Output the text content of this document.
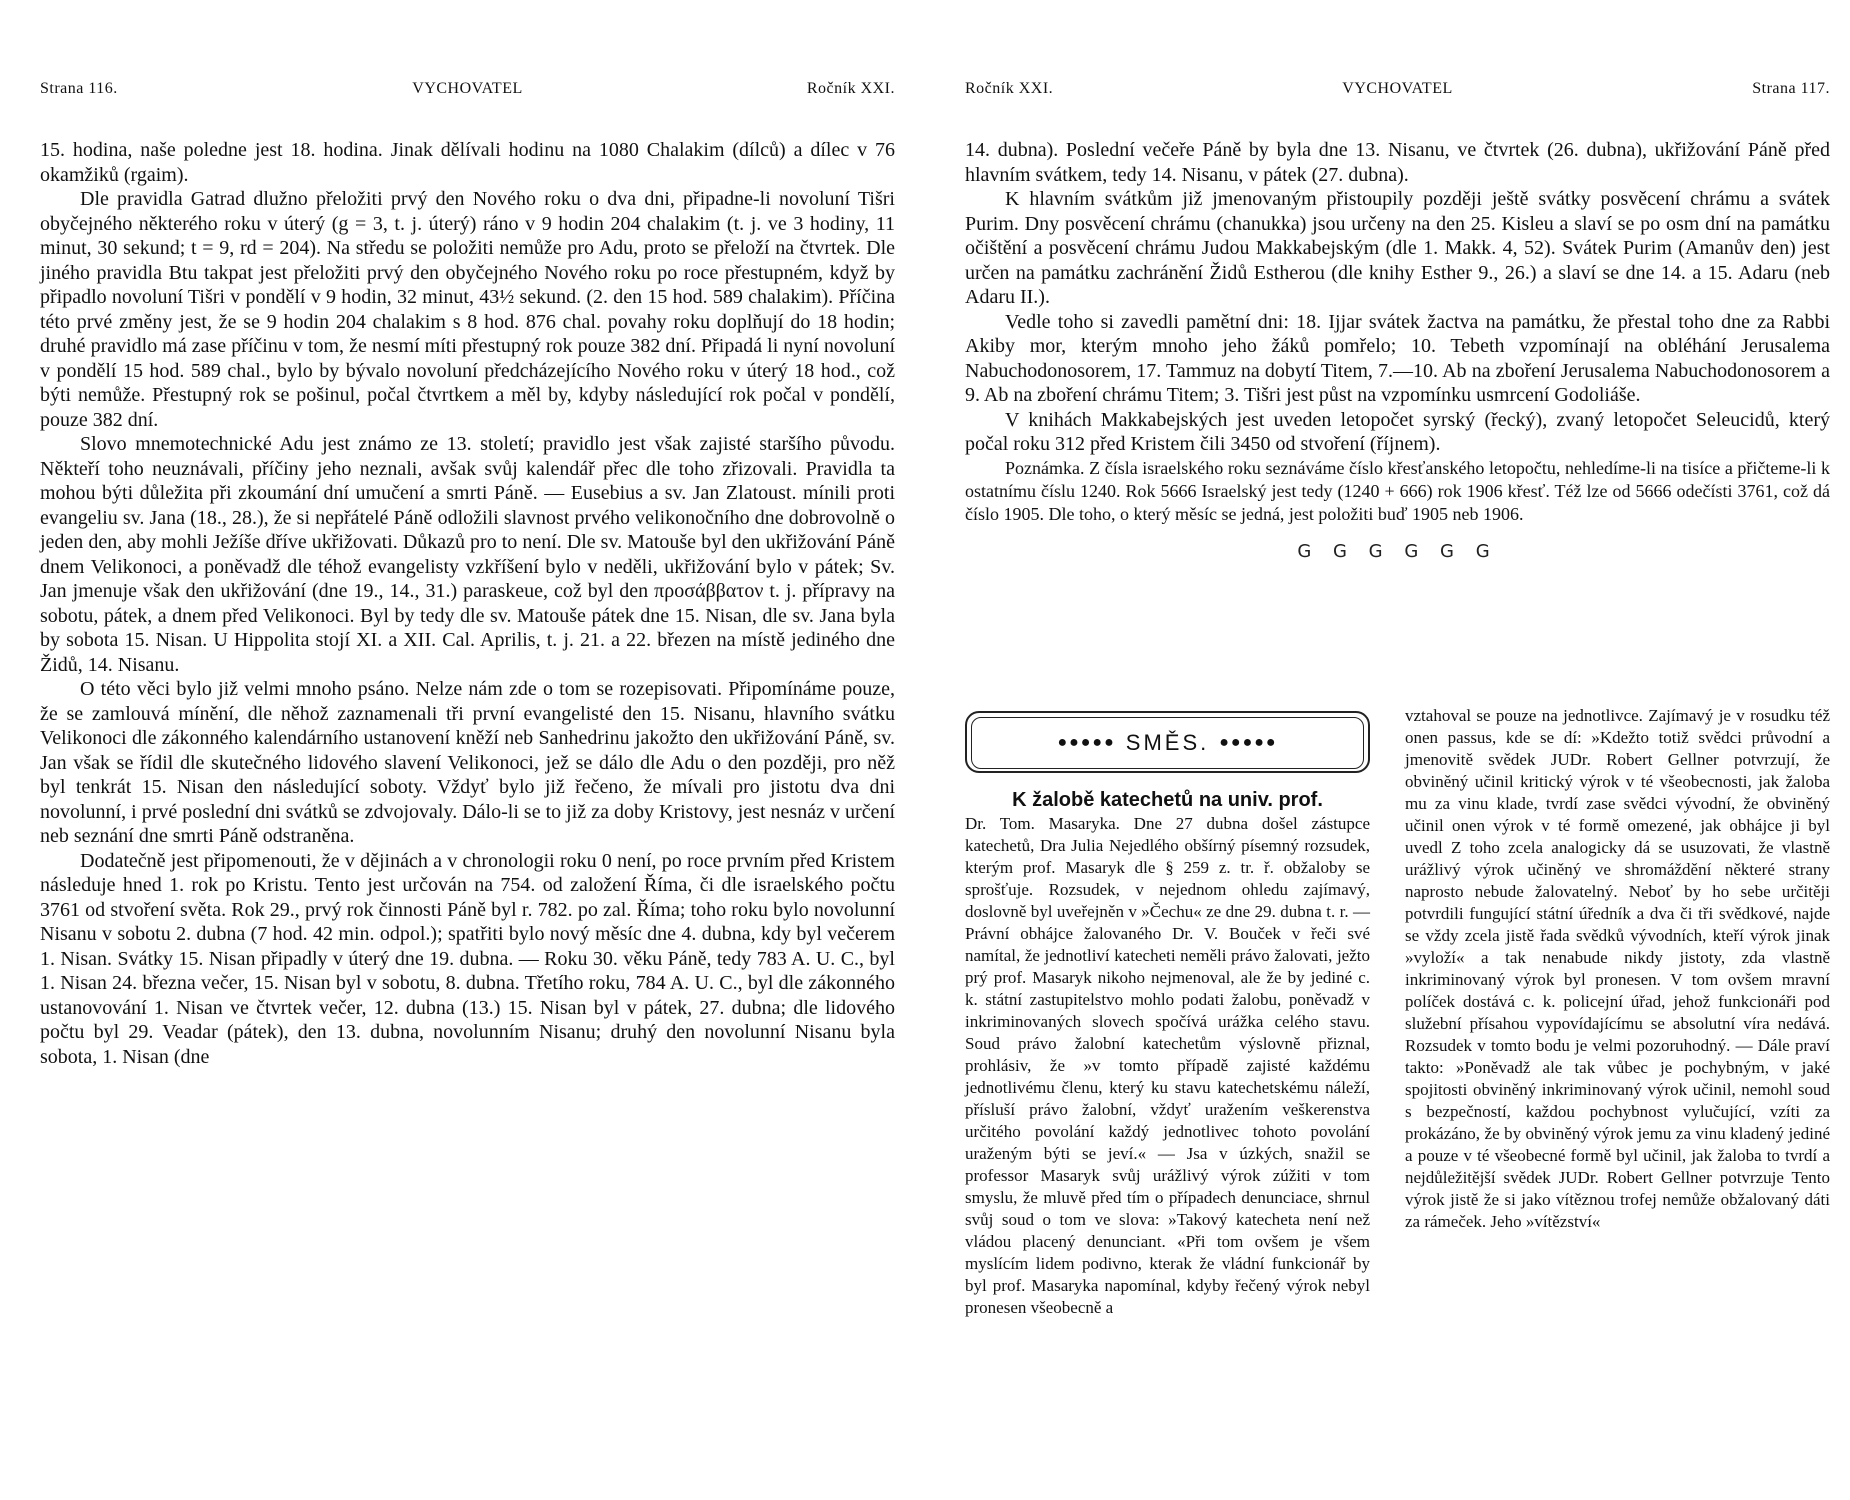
Strana 116.	VYCHOVATEL	Ročník XXI.

15. hodina, naše poledne jest 18. hodina. Jinak dělívali hodinu na 1080 Chalakim (dílců) a dílec v 76 okamžiků (rgaim).

Dle pravidla Gatrad dlužno přeložiti prvý den Nového roku o dva dni, připadne-li novoluní Tišri obyčejného některého roku v úterý (g = 3, t. j. úterý) ráno v 9 hodin 204 chalakim (t. j. ve 3 hodiny, 11 minut, 30 sekund; t = 9, rd = 204). Na středu se položiti nemůže pro Adu, proto se přeloží na čtvrtek. Dle jiného pravidla Btu takpat jest přeložiti prvý den obyčejného Nového roku po roce přestupném, když by připadlo novoluní Tišri v pondělí v 9 hodin, 32 minut, 43½ sekund. (2. den 15 hod. 589 chalakim). Příčina této prvé změny jest, že se 9 hodin 204 chalakim s 8 hod. 876 chal. povahy roku doplňují do 18 hodin; druhé pravidlo má zase příčinu v tom, že nesmí míti přestupný rok pouze 382 dní. Připadá li nyní novoluní v pondělí 15 hod. 589 chal., bylo by bývalo novoluní předcházejícího Nového roku v úterý 18 hod., což býti nemůže. Přestupný rok se pošinul, počal čtvrtkem a měl by, kdyby následující rok počal v pondělí, pouze 382 dní.

Slovo mnemotechnické Adu jest známo ze 13. století; pravidlo jest však zajisté staršího původu. Někteří toho neuznávali, příčiny jeho neznali, avšak svůj kalendář přec dle toho zřizovali. Pravidla ta mohou býti důležita při zkoumání dní umučení a smrti Páně. — Eusebius a sv. Jan Zlatoust. mínili proti evangeliu sv. Jana (18., 28.), že si nepřátelé Páně odložili slavnost prvého velikonočního dne dobrovolně o jeden den, aby mohli Ježíše dříve ukřižovati. Důkazů pro to není. Dle sv. Matouše byl den ukřižování Páně dnem Velikonoci, a poněvadž dle téhož evangelisty vzkříšení bylo v neděli, ukřižování bylo v pátek; Sv. Jan jmenuje však den ukřižování (dne 19., 14., 31.) paraskeue, což byl den προσάββατον t. j. přípravy na sobotu, pátek, a dnem před Velikonoci. Byl by tedy dle sv. Matouše pátek dne 15. Nisan, dle sv. Jana byla by sobota 15. Nisan. U Hippolita stojí XI. a XII. Cal. Aprilis, t. j. 21. a 22. březen na místě jediného dne Židů, 14. Nisanu.

O této věci bylo již velmi mnoho psáno. Nelze nám zde o tom se rozepisovati. Připomínáme pouze, že se zamlouvá mínění, dle něhož zaznamenali tři první evangelisté den 15. Nisanu, hlavního svátku Velikonoci dle zákonného kalendárního ustanovení kněží neb Sanhedrinu jakožto den ukřižování Páně, sv. Jan však se řídil dle skutečného lidového slavení Velikonoci, jež se dálo dle Adu o den později, pro něž byl tenkrát 15. Nisan den následující soboty. Vždyť bylo již řečeno, že mívali pro jistotu dva dni novolunní, i prvé poslední dni svátků se zdvojovaly. Dálo-li se to již za doby Kristovy, jest nesnáz v určení neb seznání dne smrti Páně odstraněna.

Dodatečně jest připomenouti, že v dějinách a v chronologii roku 0 není, po roce prvním před Kristem následuje hned 1. rok po Kristu. Tento jest určován na 754. od založení Říma, či dle israelského počtu 3761 od stvoření světa. Rok 29., prvý rok činnosti Páně byl r. 782. po zal. Říma; toho roku bylo novolunní Nisanu v sobotu 2. dubna (7 hod. 42 min. odpol.); spatřiti bylo nový měsíc dne 4. dubna, kdy byl večerem 1. Nisan. Svátky 15. Nisan připadly v úterý dne 19. dubna. — Roku 30. věku Páně, tedy 783 A. U. C., byl 1. Nisan 24. března večer, 15. Nisan byl v sobotu, 8. dubna. Třetího roku, 784 A. U. C., byl dle zákonného ustanovování 1. Nisan ve čtvrtek večer, 12. dubna (13.) 15. Nisan byl v pátek, 27. dubna; dle lidového počtu byl 29. Veadar (pátek), den 13. dubna, novolunním Nisanu; druhý den novolunní Nisanu byla sobota, 1. Nisan (dne

Ročník XXI.	VYCHOVATEL	Strana 117.

14. dubna). Poslední večeře Páně by byla dne 13. Nisanu, ve čtvrtek (26. dubna), ukřižování Páně před hlavním svátkem, tedy 14. Nisanu, v pátek (27. dubna).

K hlavním svátkům již jmenovaným přistoupily později ještě svátky posvěcení chrámu a svátek Purim. Dny posvěcení chrámu (chanukka) jsou určeny na den 25. Kisleu a slaví se po osm dní na památku očištění a posvěcení chrámu Judou Makkabejským (dle 1. Makk. 4, 52). Svátek Purim (Amanův den) jest určen na památku zachránění Židů Estherou (dle knihy Esther 9., 26.) a slaví se dne 14. a 15. Adaru (neb Adaru II.).

Vedle toho si zavedli pamětní dni: 18. Ijjar svátek žactva na památku, že přestal toho dne za Rabbi Akiby mor, kterým mnoho jeho žáků pomřelo; 10. Tebeth vzpomínají na obléhání Jerusalema Nabuchodonosorem, 17. Tammuz na dobytí Titem, 7.—10. Ab na zboření Jerusalema Nabuchodonosorem a 9. Ab na zboření chrámu Titem; 3. Tišri jest půst na vzpomínku usmrcení Godoliáše.

V knihách Makkabejských jest uveden letopočet syrský (řecký), zvaný letopočet Seleucidů, který počal roku 312 před Kristem čili 3450 od stvoření (říjnem).

Poznámka. Z čísla israelského roku seznáváme číslo křesťanského letopočtu, nehledíme-li na tisíce a přičteme-li k ostatnímu číslu 1240. Rok 5666 Israelský jest tedy (1240 + 666) rok 1906 křesť. Též lze od 5666 odečísti 3761, což dá číslo 1905. Dle toho, o který měsíc se jedná, jest položiti buď 1905 neb 1906.

G G G G G G
●●●●● SMĚS. ●●●●●
K žalobě katechetů na univ. prof.

Dr. Tom. Masaryka. Dne 27 dubna došel zástupce katechetů, Dra Julia Nejedlého obšírný písemný rozsudek, kterým prof. Masaryk dle § 259 z. tr. ř. obžaloby se sprošťuje. Rozsudek, v nejednom ohledu zajímavý, doslovně byl uveřejněn v »Čechu« ze dne 29. dubna t. r. — Právní obhájce žalovaného Dr. V. Bouček v řeči své namítal, že jednotliví katecheti neměli právo žalovati, ježto prý prof. Masaryk nikoho nejmenoval, ale že by jediné c. k. státní zastupitelstvo mohlo podati žalobu, poněvadž v inkriminovaných slovech spočívá urážka celého stavu. Soud právo žalobní katechetům výslovně přiznal, prohlásiv, že »v tomto případě zajisté každému jednotlivému členu, který ku stavu katechetskému náleží, přísluší právo žalobní, vždyť uražením veškerenstva určitého povolání každý jednotlivec tohoto povolání uraženým býti se jeví.« — Jsa v úzkých, snažil se professor Masaryk svůj urážlivý výrok zúžiti v tom smyslu, že mluvě před tím o případech denunciace, shrnul svůj soud o tom ve slova: »Takový katecheta není než vládou placený denunciant. «Při tom ovšem je všem myslícím lidem podivno, kterak že vládní funkcionář by byl prof. Masaryka napomínal, kdyby řečený výrok nebyl pronesen všeobecně a

vztahoval se pouze na jednotlivce. Zajímavý je v rosudku též onen passus, kde se dí: »Kdežto totiž svědci průvodní a jmenovitě svědek JUDr. Robert Gellner potvrzují, že obviněný učinil kritický výrok v té všeobecnosti, jak žaloba mu za vinu klade, tvrdí zase svědci vývodní, že obviněný učinil onen výrok v té formě omezené, jak obhájce ji byl uvedl Z toho zcela analogicky dá se usuzovati, že vlastně urážlivý výrok učiněný ve shromáždění některé strany naprosto nebude žalovatelný. Neboť by ho sebe určitěji potvrdili fungující státní úředník a dva či tři svědkové, najde se vždy zcela jistě řada svědků vývodních, kteří výrok jinak »vyloží« a tak nenabude nikdy jistoty, zda vlastně inkriminovaný výrok byl pronesen. V tom ovšem mravní políček dostává c. k. policejní úřad, jehož funkcionáři pod služební přísahou vypovídajícímu se absolutní víra nedává. Rozsudek v tomto bodu je velmi pozoruhodný. — Dále praví takto: »Poněvadž ale tak vůbec je pochybným, v jaké spojitosti obviněný inkriminovaný výrok učinil, nemohl soud s bezpečností, každou pochybnost vylučující, vzíti za prokázáno, že by obviněný výrok jemu za vinu kladený jediné a pouze v té všeobecné formě byl učinil, jak žaloba to tvrdí a nejdůležitější svědek JUDr. Robert Gellner potvrzuje Tento výrok jistě že si jako vítěznou trofej nemůže obžalovaný dáti za rámeček. Jeho »vítězství«
